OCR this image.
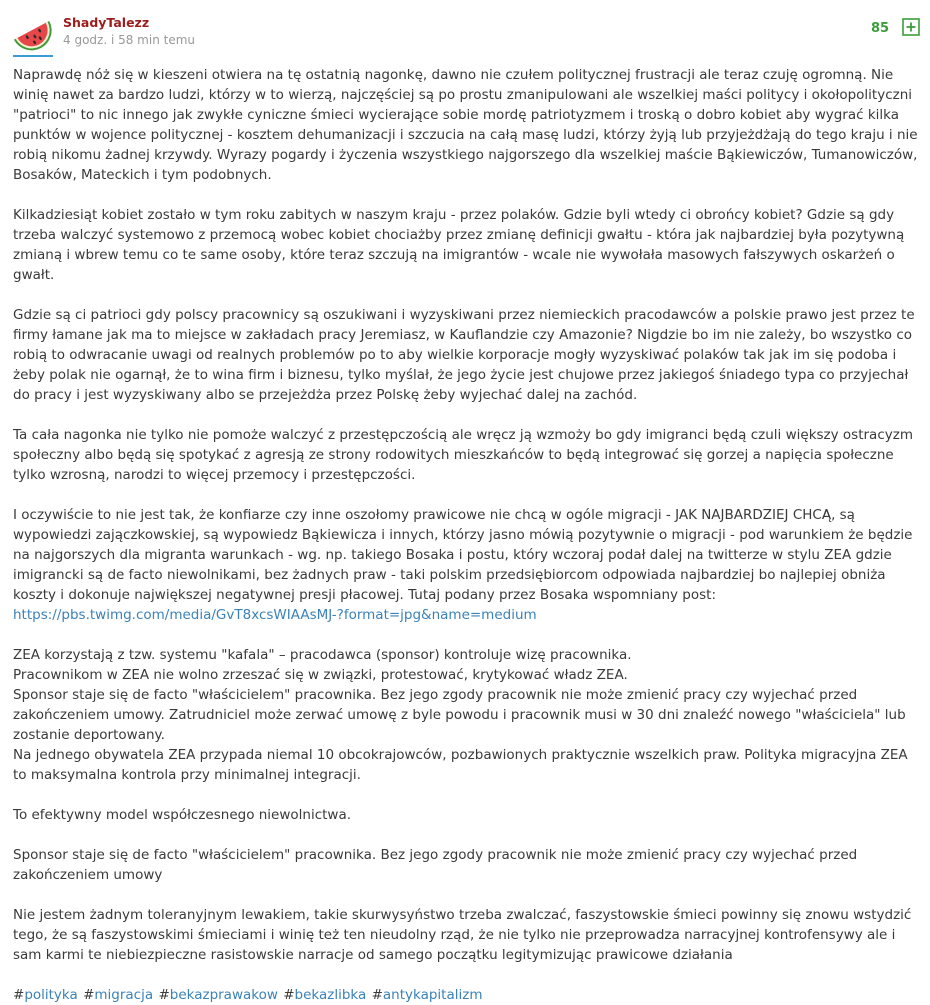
ShadyTalezz
4 godz. i 58 min temu
85

Naprawdę nóż się w kieszeni otwiera na tę ostatnią nagonkę, dawno nie czułem politycznej frustracji ale teraz czuję ogromną. Nie winię nawet za bardzo ludzi, którzy w to wierzą, najczęściej są po prostu zmanipulowani ale wszelkiej maści politycy i okołopolityczni "patrioci" to nic innego jak zwykłe cyniczne śmieci wycierające sobie mordę patriotyzmem i troską o dobro kobiet aby wygrać kilka punktów w wojence politycznej - kosztem dehumanizacji i szczucia na całą masę ludzi, którzy żyją lub przyjeżdżają do tego kraju i nie robią nikomu żadnej krzywdy. Wyrazy pogardy i życzenia wszystkiego najgorszego dla wszelkiej maście Bąkiewiczów, Tumanowiczów, Bosaków, Mateckich i tym podobnych.

Kilkadziesiąt kobiet zostało w tym roku zabitych w naszym kraju - przez polaków. Gdzie byli wtedy ci obrońcy kobiet? Gdzie są gdy trzeba walczyć systemowo z przemocą wobec kobiet chociażby przez zmianę definicji gwałtu - która jak najbardziej była pozytywną zmianą i wbrew temu co te same osoby, które teraz szczują na imigrantów - wcale nie wywołała masowych fałszywych oskarżeń o gwałt.

Gdzie są ci patrioci gdy polscy pracownicy są oszukiwani i wyzyskiwani przez niemieckich pracodawców a polskie prawo jest przez te firmy łamane jak ma to miejsce w zakładach pracy Jeremiasz, w Kauflandzie czy Amazonie? Nigdzie bo im nie zależy, bo wszystko co robią to odwracanie uwagi od realnych problemów po to aby wielkie korporacje mogły wyzyskiwać polaków tak jak im się podoba i żeby polak nie ogarnął, że to wina firm i biznesu, tylko myślał, że jego życie jest chujowe przez jakiegoś śniadego typa co przyjechał do pracy i jest wyzyskiwany albo se przejeżdża przez Polskę żeby wyjechać dalej na zachód.

Ta cała nagonka nie tylko nie pomoże walczyć z przestępczością ale wręcz ją wzmoży bo gdy imigranci będą czuli większy ostracyzm społeczny albo będą się spotykać z agresją ze strony rodowitych mieszkańców to będą integrować się gorzej a napięcia społeczne tylko wzrosną, narodzi to więcej przemocy i przestępczości.

I oczywiście to nie jest tak, że konfiarze czy inne oszołomy prawicowe nie chcą w ogóle migracji - JAK NAJBARDZIEJ CHCĄ, są wypowiedzi zajączkowskiej, są wypowiedz Bąkiewicza i innych, którzy jasno mówią pozytywnie o migracji - pod warunkiem że będzie na najgorszych dla migranta warunkach - wg. np. takiego Bosaka i postu, który wczoraj podał dalej na twitterze w stylu ZEA gdzie imigrancki są de facto niewolnikami, bez żadnych praw - taki polskim przedsiębiorcom odpowiada najbardziej bo najlepiej obniża koszty i dokonuje największej negatywnej presji płacowej. Tutaj podany przez Bosaka wspomniany post:
https://pbs.twimg.com/media/GvT8xcsWIAAsMJ-?format=jpg&name=medium

ZEA korzystają z tzw. systemu "kafala" – pracodawca (sponsor) kontroluje wizę pracownika.

Pracownikom w ZEA nie wolno zrzeszać się w związki, protestować, krytykować władz ZEA.

Sponsor staje się de facto "właścicielem" pracownika. Bez jego zgody pracownik nie może zmienić pracy czy wyjechać przed zakończeniem umowy. Zatrudniciel może zerwać umowę z byle powodu i pracownik musi w 30 dni znaleźć nowego "właściciela" lub zostanie deportowany.

Na jednego obywatela ZEA przypada niemal 10 obcokrajowców, pozbawionych praktycznie wszelkich praw. Polityka migracyjna ZEA to maksymalna kontrola przy minimalnej integracji.

To efektywny model współczesnego niewolnictwa.

Sponsor staje się de facto "właścicielem" pracownika. Bez jego zgody pracownik nie może zmienić pracy czy wyjechać przed zakończeniem umowy

Nie jestem żadnym toleranyjnym lewakiem, takie skurwysyństwo trzeba zwalczać, faszystowskie śmieci powinny się znowu wstydzić tego, że są faszystowskimi śmieciami i winię też ten nieudolny rząd, że nie tylko nie przeprowadza narracyjnej kontrofensywy ale i sam karmi te niebiezpieczne rasistowskie narracje od samego początku legitymizując prawicowe działania

#polityka #migracja #bekazprawakow #bekazlibka #antykapitalizm
